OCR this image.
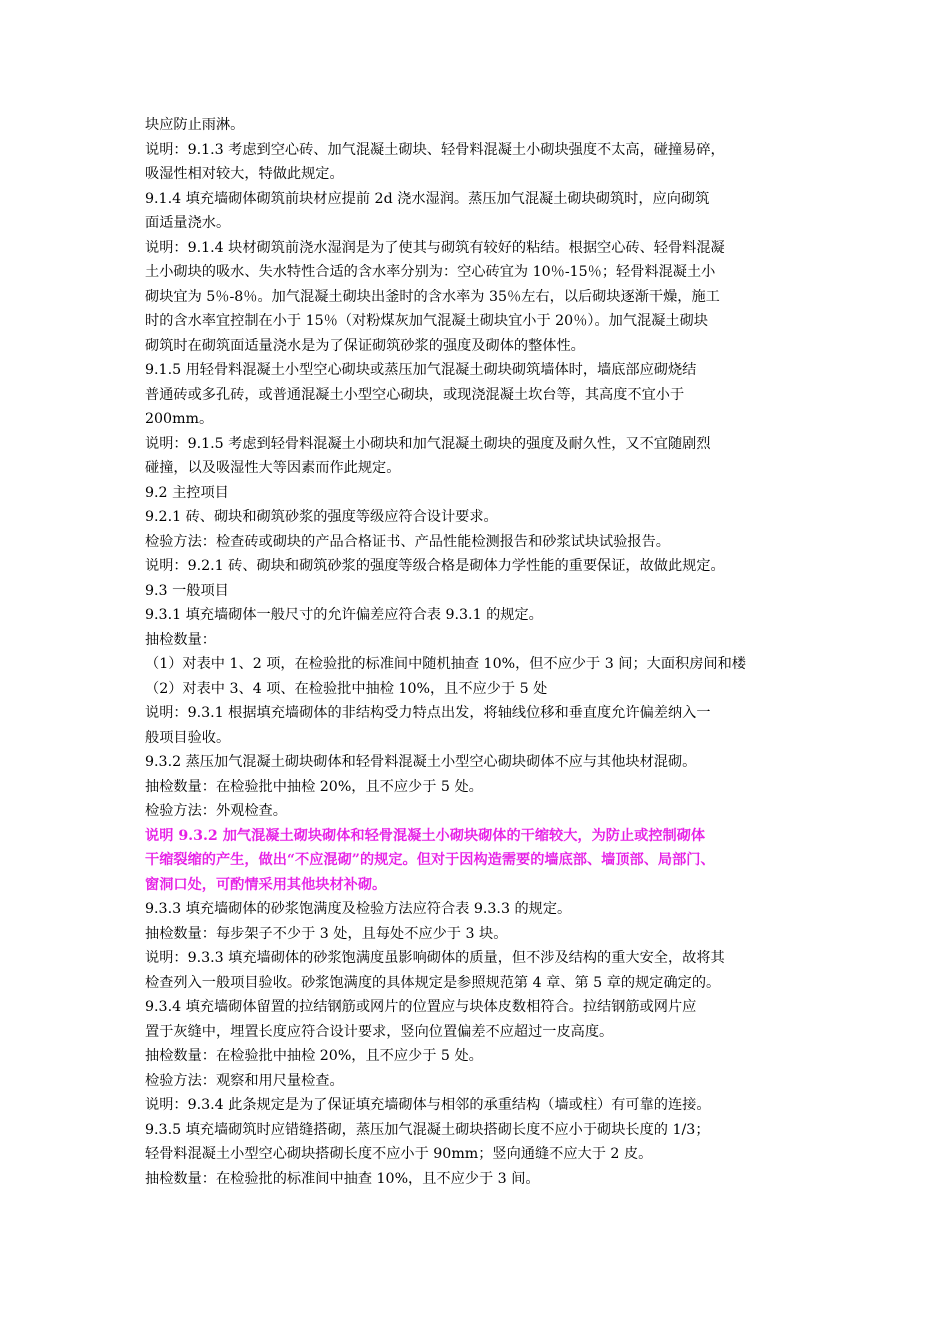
块应防止雨淋。
说明：9.1.3 考虑到空心砖、加气混凝土砌块、轻骨料混凝土小砌块强度不太高，碰撞易碎，
吸湿性相对较大，特做此规定。
9.1.4 填充墙砌体砌筑前块材应提前 2d 浇水湿润。蒸压加气混凝土砌块砌筑时，应向砌筑
面适量浇水。
说明：9.1.4 块材砌筑前浇水湿润是为了使其与砌筑有较好的粘结。根据空心砖、轻骨料混凝
土小砌块的吸水、失水特性合适的含水率分别为：空心砖宜为 10％-15％；轻骨料混凝土小
砌块宜为 5％-8％。加气混凝土砌块出釜时的含水率为 35％左右，以后砌块逐渐干燥，施工
时的含水率宜控制在小于 15％（对粉煤灰加气混凝土砌块宜小于 20％）。加气混凝土砌块
砌筑时在砌筑面适量浇水是为了保证砌筑砂浆的强度及砌体的整体性。
9.1.5 用轻骨料混凝土小型空心砌块或蒸压加气混凝土砌块砌筑墙体时，墙底部应砌烧结
普通砖或多孔砖，或普通混凝土小型空心砌块，或现浇混凝土坎台等，其高度不宜小于
200mm。
说明：9.1.5 考虑到轻骨料混凝土小砌块和加气混凝土砌块的强度及耐久性，又不宜随剧烈
碰撞，以及吸湿性大等因素而作此规定。
9.2 主控项目
9.2.1 砖、砌块和砌筑砂浆的强度等级应符合设计要求。
检验方法：检查砖或砌块的产品合格证书、产品性能检测报告和砂浆试块试验报告。
说明：9.2.1 砖、砌块和砌筑砂浆的强度等级合格是砌体力学性能的重要保证，故做此规定。
9.3 一般项目
9.3.1 填充墙砌体一般尺寸的允许偏差应符合表 9.3.1 的规定。
抽检数量：
（1）对表中 1、2 项，在检验批的标准间中随机抽查 10%，但不应少于 3 间；大面积房间和楼
（2）对表中 3、4 项、在检验批中抽检 10%，且不应少于 5 处
说明：9.3.1 根据填充墙砌体的非结构受力特点出发，将轴线位移和垂直度允许偏差纳入一
般项目验收。
9.3.2 蒸压加气混凝土砌块砌体和轻骨料混凝土小型空心砌块砌体不应与其他块材混砌。
抽检数量：在检验批中抽检 20%，且不应少于 5 处。
检验方法：外观检查。
说明 9.3.2 加气混凝土砌块砌体和轻骨混凝土小砌块砌体的干缩较大，为防止或控制砌体
干缩裂缩的产生，做出“不应混砌”的规定。但对于因构造需要的墙底部、墙顶部、局部门、
窗洞口处，可酌情采用其他块材补砌。
9.3.3 填充墙砌体的砂浆饱满度及检验方法应符合表 9.3.3 的规定。
抽检数量：每步架子不少于 3 处，且每处不应少于 3 块。
说明：9.3.3 填充墙砌体的砂浆饱满度虽影响砌体的质量，但不涉及结构的重大安全，故将其
检查列入一般项目验收。砂浆饱满度的具体规定是参照规范第 4 章、第 5 章的规定确定的。
9.3.4 填充墙砌体留置的拉结钢筋或网片的位置应与块体皮数相符合。拉结钢筋或网片应
置于灰缝中，埋置长度应符合设计要求，竖向位置偏差不应超过一皮高度。
抽检数量：在检验批中抽检 20%，且不应少于 5 处。
检验方法：观察和用尺量检查。
说明：9.3.4 此条规定是为了保证填充墙砌体与相邻的承重结构（墙或柱）有可靠的连接。
9.3.5 填充墙砌筑时应错缝搭砌，蒸压加气混凝土砌块搭砌长度不应小于砌块长度的 1/3；
轻骨料混凝土小型空心砌块搭砌长度不应小于 90mm；竖向通缝不应大于 2 皮。
抽检数量：在检验批的标准间中抽查 10%，且不应少于 3 间。
